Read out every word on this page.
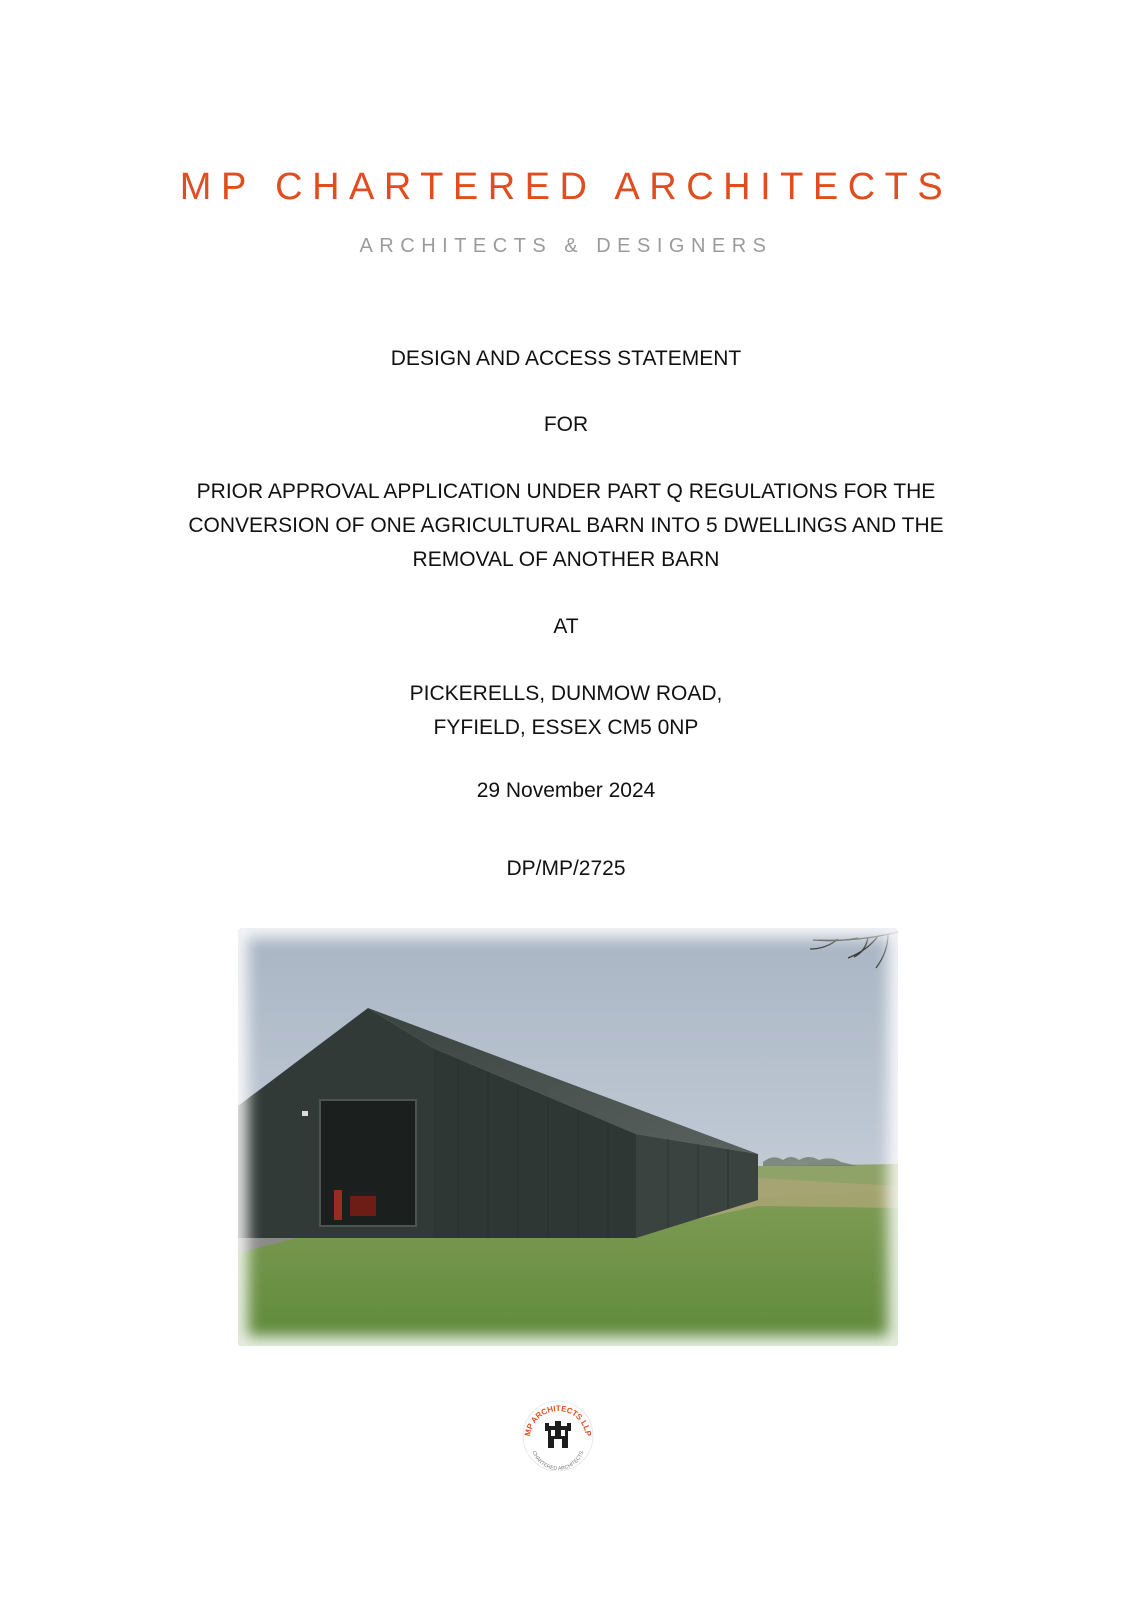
MP CHARTERED ARCHITECTS
ARCHITECTS & DESIGNERS
DESIGN AND ACCESS STATEMENT
FOR
PRIOR APPROVAL APPLICATION UNDER PART Q REGULATIONS FOR THE
CONVERSION OF ONE AGRICULTURAL BARN INTO 5 DWELLINGS AND THE
REMOVAL OF ANOTHER BARN
AT
PICKERELLS, DUNMOW ROAD,
FYFIELD, ESSEX CM5 0NP
29 November 2024
DP/MP/2725
MP ARCHITECTS LLP
CHARTERED ARCHITECTS
